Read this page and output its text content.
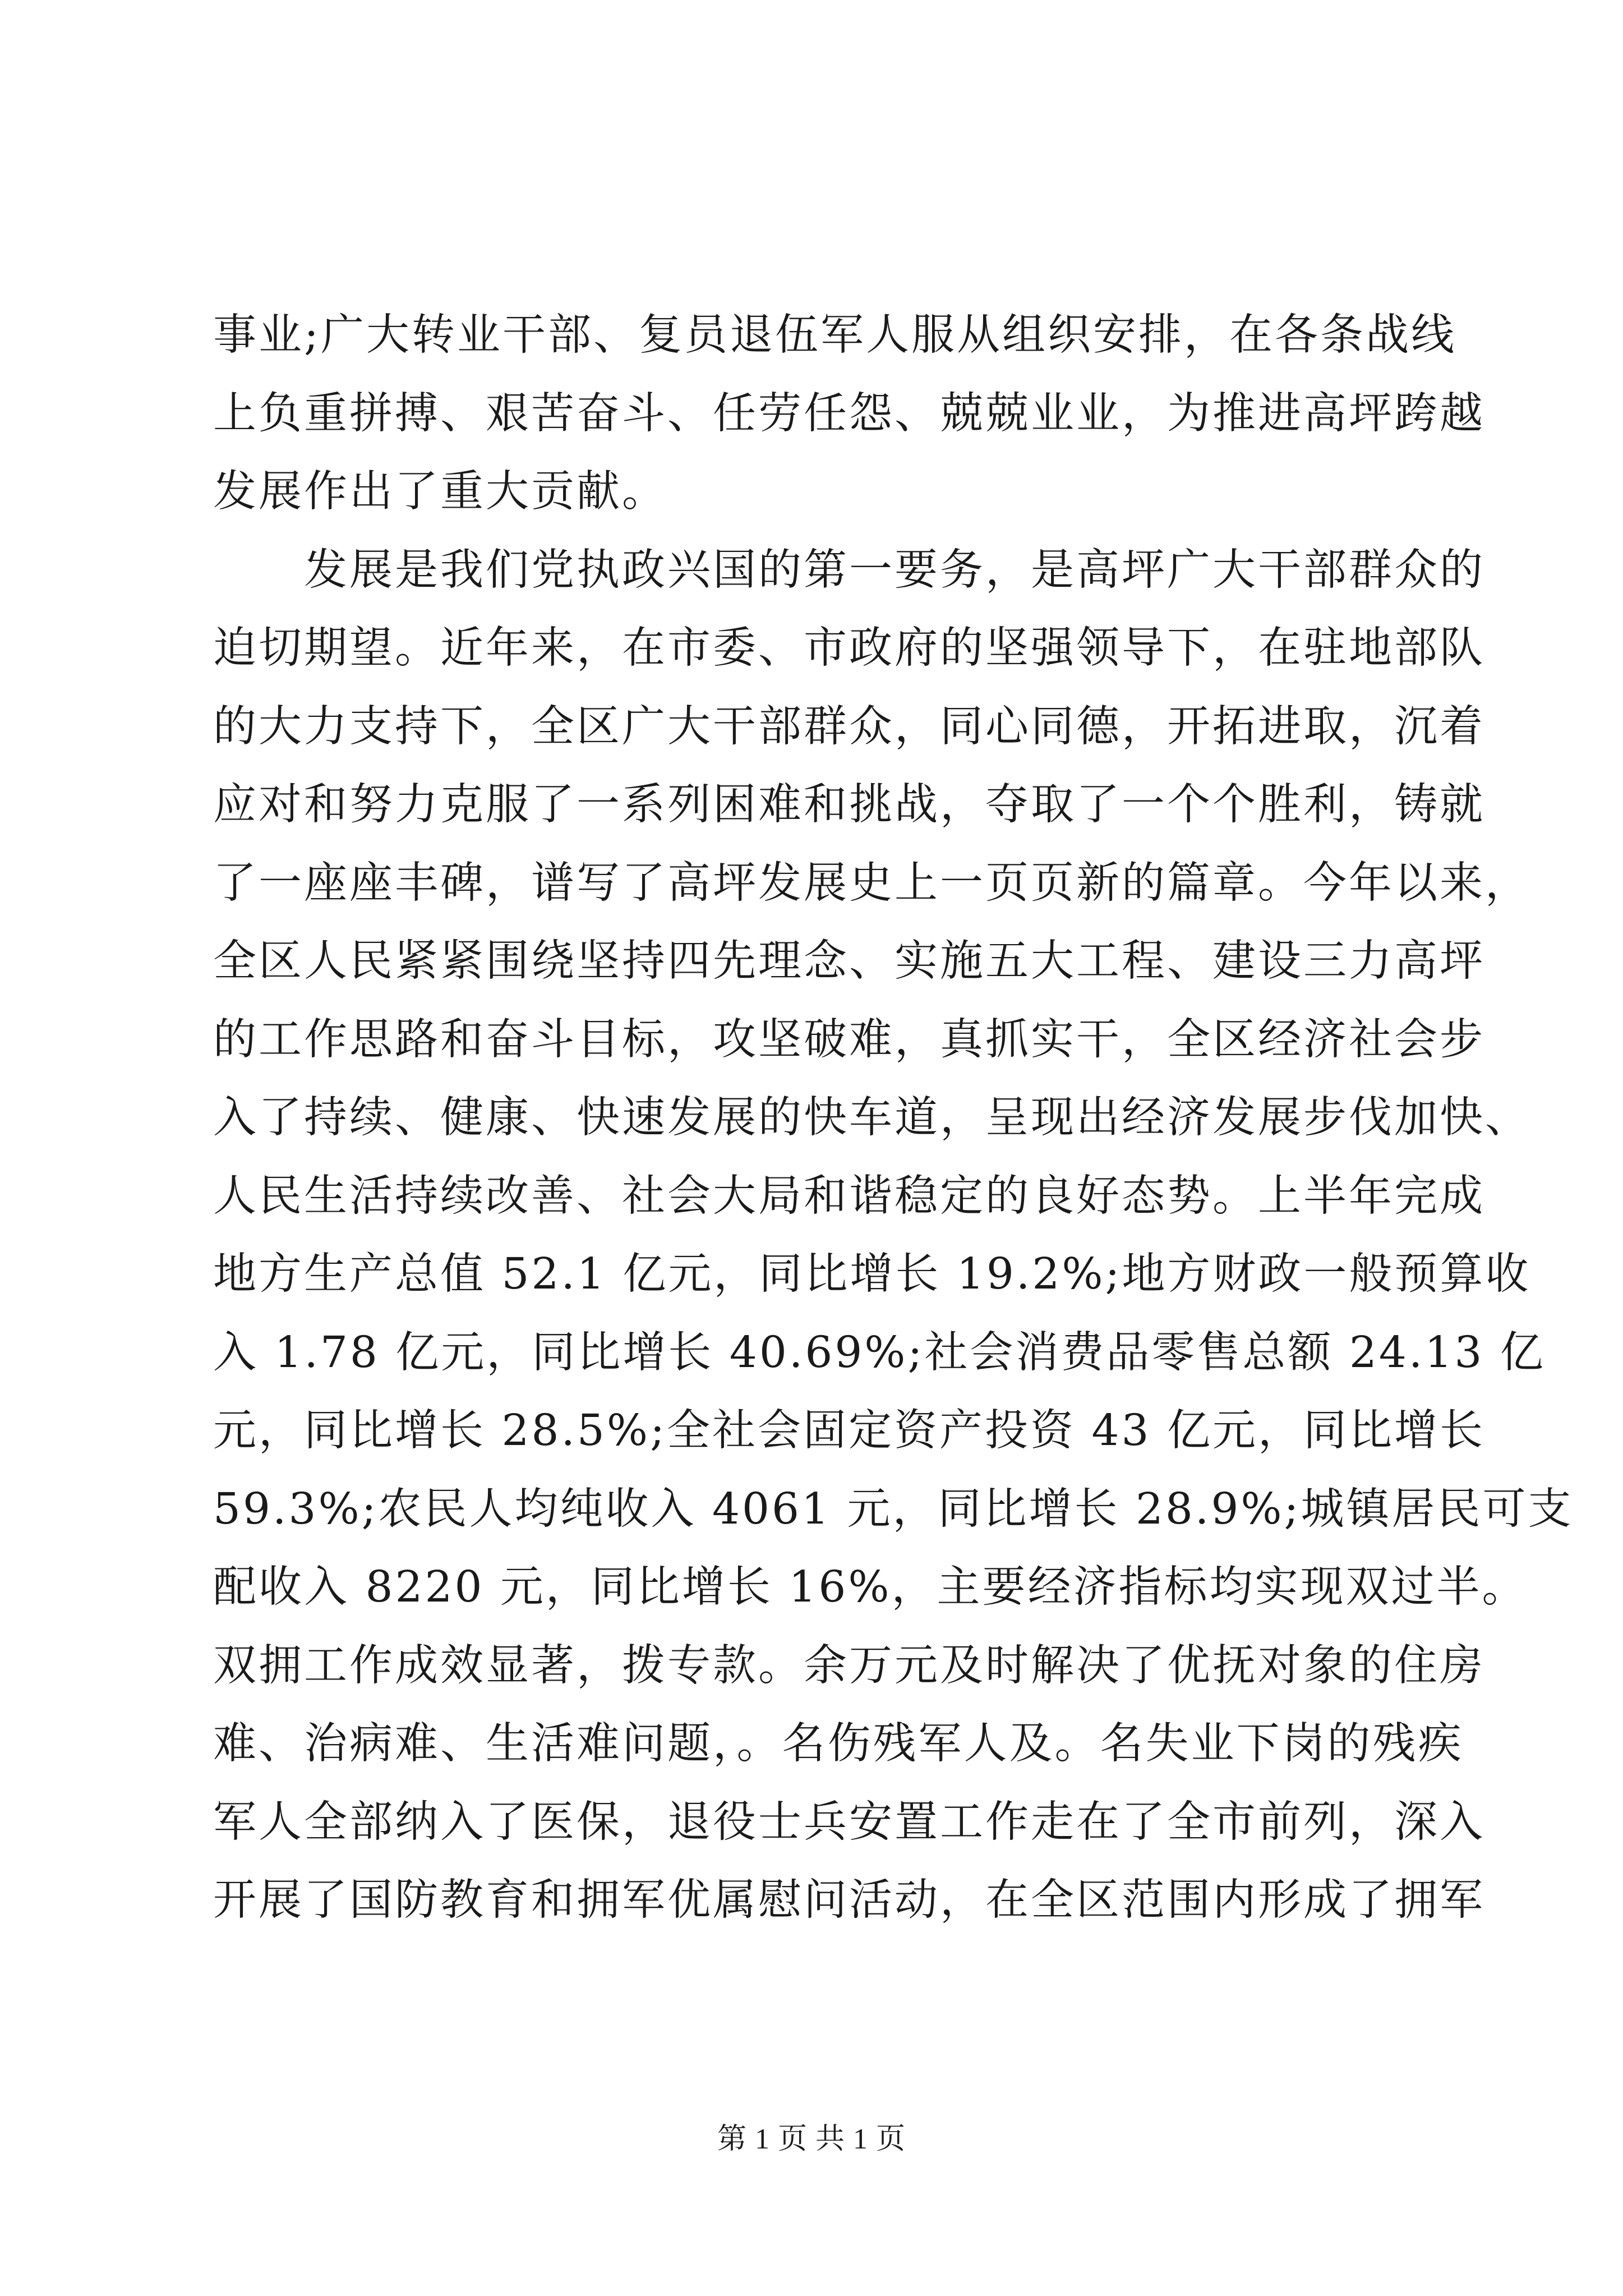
事业;广大转业干部、复员退伍军人服从组织安排，在各条战线
上负重拼搏、艰苦奋斗、任劳任怨、兢兢业业，为推进高坪跨越
发展作出了重大贡献。
　　发展是我们党执政兴国的第一要务，是高坪广大干部群众的
迫切期望。近年来，在市委、市政府的坚强领导下，在驻地部队
的大力支持下，全区广大干部群众，同心同德，开拓进取，沉着
应对和努力克服了一系列困难和挑战，夺取了一个个胜利，铸就
了一座座丰碑，谱写了高坪发展史上一页页新的篇章。今年以来，
全区人民紧紧围绕坚持四先理念、实施五大工程、建设三力高坪
的工作思路和奋斗目标，攻坚破难，真抓实干，全区经济社会步
入了持续、健康、快速发展的快车道，呈现出经济发展步伐加快、
人民生活持续改善、社会大局和谐稳定的良好态势。上半年完成
地方生产总值 52.1 亿元，同比增长 19.2%;地方财政一般预算收
入 1.78 亿元，同比增长 40.69%;社会消费品零售总额 24.13 亿
元，同比增长 28.5%;全社会固定资产投资 43 亿元，同比增长
59.3%;农民人均纯收入 4061 元，同比增长 28.9%;城镇居民可支
配收入 8220 元，同比增长 16%，主要经济指标均实现双过半。
双拥工作成效显著，拨专款。余万元及时解决了优抚对象的住房
难、治病难、生活难问题，。名伤残军人及。名失业下岗的残疾
军人全部纳入了医保，退役士兵安置工作走在了全市前列，深入
开展了国防教育和拥军优属慰问活动，在全区范围内形成了拥军
第 1 页 共 1 页
